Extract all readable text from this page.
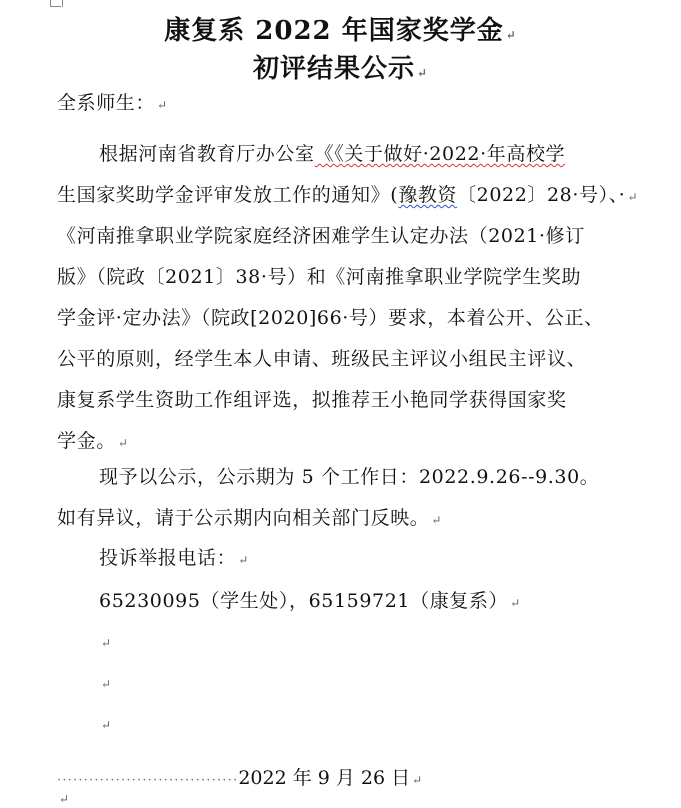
康复系 2022 年国家奖学金 ↵
初评结果公示 ↵
全系师生： ↵
根据河南省教育厅办公室《《关于做好·2022·年高校学
生国家奖助学金评审发放工作的通知》(豫教资〔2022〕28·号）、· ↵
《河南推拿职业学院家庭经济困难学生认定办法（2021·修订
版》（院政〔2021〕38·号）和《河南推拿职业学院学生奖助
学金评·定办法》（院政[2020]66·号）要求，本着公开、公正、
公平的原则，经学生本人申请、班级民主评议小组民主评议、
康复系学生资助工作组评选，拟推荐王小艳同学获得国家奖
学金。 ↵
现予以公示，公示期为 5 个工作日：2022.9.26--9.30。
如有异议，请于公示期内向相关部门反映。 ↵
投诉举报电话： ↵
65230095（学生处），65159721（康复系） ↵
↵
↵
↵
··································2022 年 9 月 26 日 ↵
↵
